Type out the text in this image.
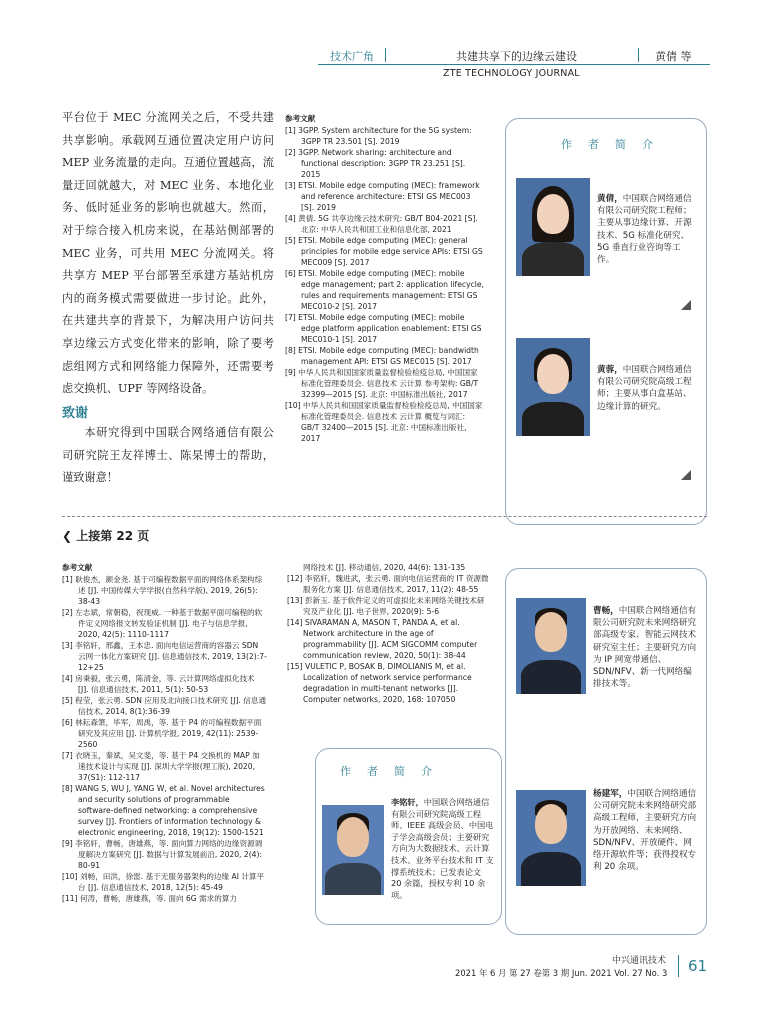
技术广角	共建共享下的边缘云建设	黄倩 等
ZTE TECHNOLOGY JOURNAL

平台位于 MEC 分流网关之后，不受共建共享影响。承载网互通位置决定用户访问 MEP 业务流量的走向。互通位置越高，流量迂回就越大，对 MEC 业务、本地化业务、低时延业务的影响也就越大。然而，对于综合接入机房来说，在基站侧部署的 MEC 业务，可共用 MEC 分流网关。将共享方 MEP 平台部署至承建方基站机房内的商务模式需要做进一步讨论。此外，在共建共享的背景下，为解决用户访问共享边缘云方式变化带来的影响，除了要考虑组网方式和网络能力保障外，还需要考虑交换机、UPF 等网络设备。

致谢
本研究得到中国联合网络通信有限公司研究院王友祥博士、陈杲博士的帮助，谨致谢意！
参考文献
[1] 3GPP. System architecture for the 5G system: 3GPP TR 23.501 [S]. 2019
[2] 3GPP. Network sharing: architecture and functional description: 3GPP TR 23.251 [S]. 2015
[3] ETSI. Mobile edge computing (MEC): framework and reference architecture: ETSI GS MEC003 [S]. 2019
[4] 黄倩. 5G 共享边缘云技术研究: GB/T B04-2021 [S]. 北京: 中华人民共和国工业和信息化部, 2021
[5] ETSI. Mobile edge computing (MEC): general principles for mobile edge service APIs: ETSI GS MEC009 [S]. 2017
[6] ETSI. Mobile edge computing (MEC): mobile edge management; part 2: application lifecycle, rules and requirements management: ETSI GS MEC010-2 [S]. 2017
[7] ETSI. Mobile edge computing (MEC): mobile edge platform application enablement: ETSI GS MEC010-1 [S]. 2017
[8] ETSI. Mobile edge computing (MEC): bandwidth management API: ETSI GS MEC015 [S]. 2017
[9] 中华人民共和国国家质量监督检验检疫总局, 中国国家标准化管理委员会. 信息技术 云计算 参考架构: GB/T 32399—2015 [S]. 北京: 中国标准出版社, 2017
[10] 中华人民共和国国家质量监督检验检疫总局, 中国国家标准化管理委员会. 信息技术 云计算 概览与词汇: GB/T 32400—2015 [S]. 北京: 中国标准出版社, 2017
作者简介
黄倩，中国联合网络通信有限公司研究院工程师；主要从事边缘计算、开源技术、5G 标准化研究、5G 垂直行业咨询等工作。
黄蓉，中国联合网络通信有限公司研究院高级工程师；主要从事白盒基站、边缘计算的研究。
❮ 上接第 22 页
参考文献
[1] 耿俊杰，颜金尧. 基于可编程数据平面的网络体系架构综述 [J]. 中国传媒大学学报(自然科学版), 2019, 26(5): 38-43
[2] 左志斌，常朝稳，祝现威. 一种基于数据平面可编程的软件定义网络报文转发验证机制 [J]. 电子与信息学报, 2020, 42(5): 1110-1117
[3] 李铭轩，邢鑫，王本忠. 面向电信运营商的容器云 SDN 云网一体化方案研究 [J]. 信息通信技术, 2019, 13(2):7-12+25
[4] 房秉毅，张云勇，陈清金，等. 云计算网络虚拟化技术 [J]. 信息通信技术, 2011, 5(1): 50-53
[5] 程莹，张云勇. SDN 应用及北向接口技术研究 [J]. 信息通信技术, 2014, 8(1):36-39
[6] 林耘森箫，毕军，周禹，等. 基于 P4 的可编程数据平面研究及其应用 [J]. 计算机学报, 2019, 42(11): 2539-2560
[7] 衣晓玉，秦斌，吴文斐，等. 基于 P4 交换机的 MAP 加速技术设计与实现 [J]. 深圳大学学报(理工版), 2020, 37(S1): 112-117
[8] WANG S, WU J, YANG W, et al. Novel architectures and security solutions of programmable software-defined networking: a comprehensive survey [J]. Frontiers of information technology & electronic engineering, 2018, 19(12): 1500-1521
[9] 李铭轩，曹畅，唐雄燕，等. 面向算力网络的边缘资源调度解决方案研究 [J]. 数据与计算发展前沿, 2020, 2(4): 80-91
[10] 刘畅，田洪，徐雷. 基于无服务器架构的边缘 AI 计算平台 [J]. 信息通信技术, 2018, 12(5): 45-49
[11] 何涛，曹畅，唐雄燕，等. 面向 6G 需求的算力
网络技术 [J]. 移动通信, 2020, 44(6): 131-135
[12] 李铭轩，魏进武，张云勇. 面向电信运营商的 IT 资源微服务化方案 [J]. 信息通信技术, 2017, 11(2): 48-55
[13] 彭新玉. 基于软件定义的可虚拟化未来网络关键技术研究及产业化 [J]. 电子世界, 2020(9): 5-6
[14] SIVARAMAN A, MASON T, PANDA A, et al. Network architecture in the age of programmability [J]. ACM SIGCOMM computer communication review, 2020, 50(1): 38-44
[15] VULETIC P, BOSAK B, DIMOLIANIS M, et al. Localization of network service performance degradation in multi-tenant networks [J]. Computer networks, 2020, 168: 107050
曹畅，中国联合网络通信有限公司研究院未来网络研究部高级专家、智能云网技术研究室主任；主要研究方向为 IP 网宽带通信、SDN/NFV、新一代网络编排技术等。
杨建军，中国联合网络通信公司研究院未来网络研究部高级工程师，主要研究方向为开放网络、未来网络、SDN/NFV、开放硬件、网络开源软件等；获得授权专利 20 余项。
作者简介
李铭轩，中国联合网络通信有限公司研究院高级工程师、IEEE 高级会员、中国电子学会高级会员；主要研究方向为大数据技术、云计算技术、业务平台技术和 IT 支撑系统技术；已发表论文 20 余篇，授权专利 10 余项。
中兴通讯技术
2021 年 6 月 第 27 卷第 3 期 Jun. 2021 Vol. 27 No. 3 61
